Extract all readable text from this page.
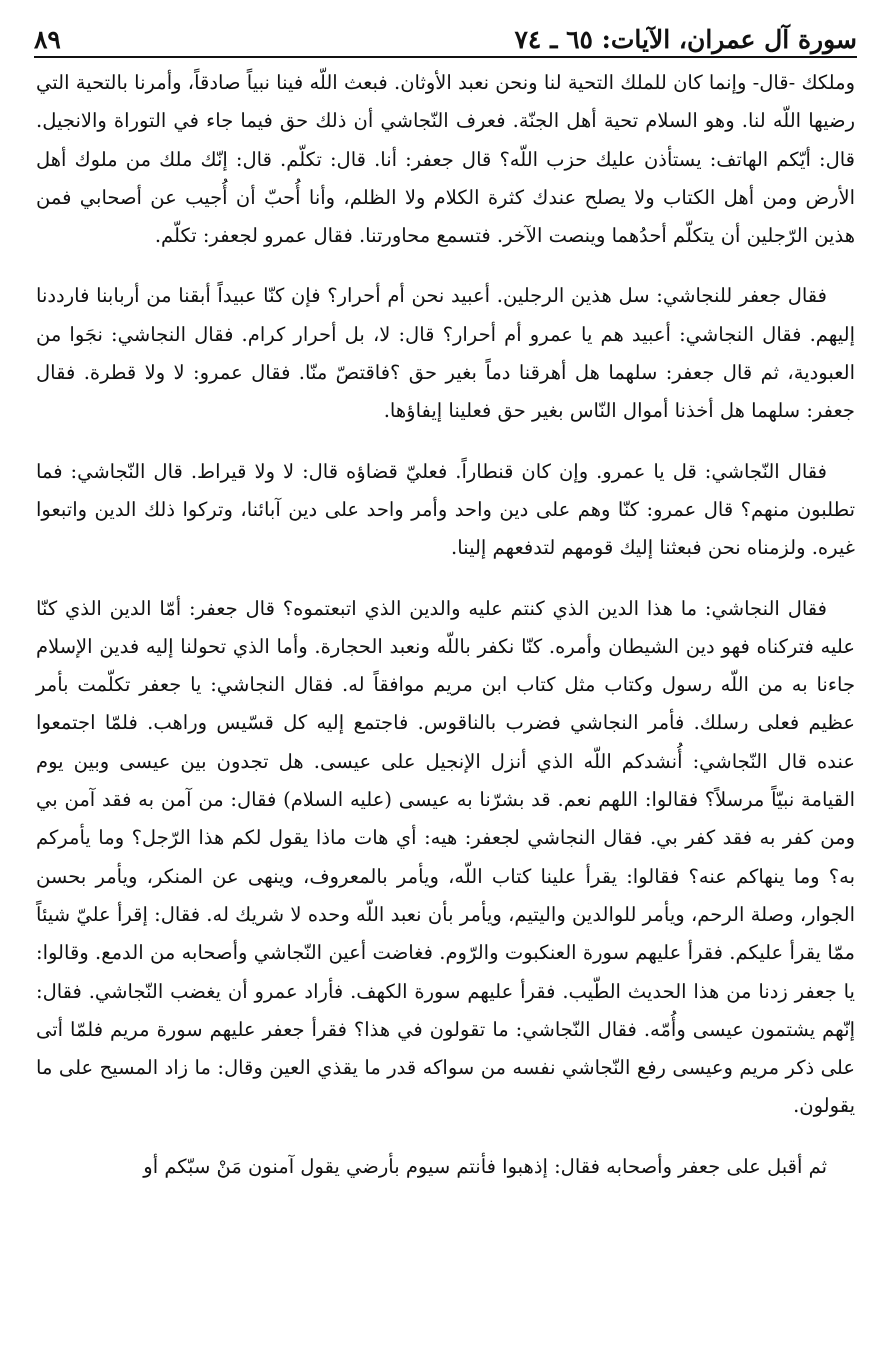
سورة آل عمران، الآيات: ٦٥ ـ ٧٤
٨٩

وملكك -قال- وإنما كان للملك التحية لنا ونحن نعبد الأوثان. فبعث اللّه فينا نبياً صادقاً، وأمرنا بالتحية التي رضيها اللّه لنا. وهو السلام تحية أهل الجنّة. فعرف النّجاشي أن ذلك حق فيما جاء في التوراة والانجيل. قال: أيّكم الهاتف: يستأذن عليك حزب اللّه؟ قال جعفر: أنا. قال: تكلّم. قال: إنّك ملك من ملوك أهل الأرض ومن أهل الكتاب ولا يصلح عندك كثرة الكلام ولا الظلم، وأنا أُحبّ أن أُجيب عن أصحابي فمن هذين الرّجلين أن يتكلّم أحدُهما وينصت الآخر. فتسمع محاورتنا. فقال عمرو لجعفر: تكلّم.

فقال جعفر للنجاشي: سل هذين الرجلين. أعبيد نحن أم أحرار؟ فإن كنّا عبيداً أبقنا من أربابنا فارددنا إليهم. فقال النجاشي: أعبيد هم يا عمرو أم أحرار؟ قال: لا، بل أحرار كرام. فقال النجاشي: نجَوا من العبودية، ثم قال جعفر: سلهما هل أهرقنا دماً بغير حق ؟فاقتصّ منّا. فقال عمرو: لا ولا قطرة. فقال جعفر: سلهما هل أخذنا أموال النّاس بغير حق فعلينا إيفاؤها.

فقال النّجاشي: قل يا عمرو. وإن كان قنطاراً. فعليّ قضاؤه قال: لا ولا قيراط. قال النّجاشي: فما تطلبون منهم؟ قال عمرو: كنّا وهم على دين واحد وأمر واحد على دين آبائنا، وتركوا ذلك الدين واتبعوا غيره. ولزمناه نحن فبعثنا إليك قومهم لتدفعهم إلينا.

فقال النجاشي: ما هذا الدين الذي كنتم عليه والدين الذي اتبعتموه؟ قال جعفر: أمّا الدين الذي كنّا عليه فتركناه فهو دين الشيطان وأمره. كنّا نكفر باللّه ونعبد الحجارة. وأما الذي تحولنا إليه فدين الإسلام جاءنا به من اللّه رسول وكتاب مثل كتاب ابن مريم موافقاً له. فقال النجاشي: يا جعفر تكلّمت بأمر عظيم فعلى رسلك. فأمر النجاشي فضرب بالناقوس. فاجتمع إليه كل قسّيس وراهب. فلمّا اجتمعوا عنده قال النّجاشي: أُنشدكم اللّه الذي أنزل الإنجيل على عيسى. هل تجدون بين عيسى وبين يوم القيامة نبيّاً مرسلاً؟ فقالوا: اللهم نعم. قد بشرّنا به عيسى (عليه السلام) فقال: من آمن به فقد آمن بي ومن كفر به فقد كفر بي. فقال النجاشي لجعفر: هيه: أي هات ماذا يقول لكم هذا الرّجل؟ وما يأمركم به؟ وما ينهاكم عنه؟ فقالوا: يقرأ علينا كتاب اللّه، ويأمر بالمعروف، وينهى عن المنكر، ويأمر بحسن الجوار، وصلة الرحم، ويأمر للوالدين واليتيم، ويأمر بأن نعبد اللّه وحده لا شريك له. فقال: إقرأ عليّ شيئاً ممّا يقرأ عليكم. فقرأ عليهم سورة العنكبوت والرّوم. فغاضت أعين النّجاشي وأصحابه من الدمع. وقالوا: يا جعفر زدنا من هذا الحديث الطّيب. فقرأ عليهم سورة الكهف. فأراد عمرو أن يغضب النّجاشي. فقال: إنّهم يشتمون عيسى وأُمّه. فقال النّجاشي: ما تقولون في هذا؟ فقرأ جعفر عليهم سورة مريم فلمّا أتى على ذكر مريم وعيسى رفع النّجاشي نفسه من سواكه قدر ما يقذي العين وقال: ما زاد المسيح على ما يقولون.

ثم أقبل على جعفر وأصحابه فقال: إذهبوا فأنتم سيوم بأرضي يقول آمنون مَنْ سبّكم أو
